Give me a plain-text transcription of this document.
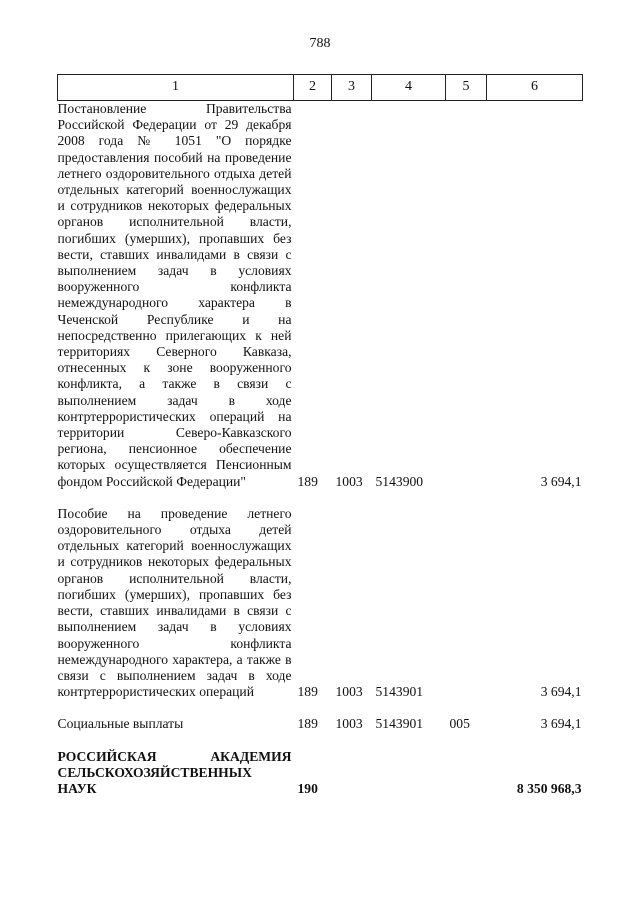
788
1	2	3	4	5	6
Постановление Правительства Российской Федерации от 29 декабря 2008 года № 1051 "О порядке предоставления пособий на проведение летнего оздоровительного отдыха детей отдельных категорий военнослужащих и сотрудников некоторых федеральных органов исполнительной власти, погибших (умерших), пропавших без вести, ставших инвалидами в связи с выполнением задач в условиях вооруженного конфликта немеждународного характера в Чеченской Республике и на непосредственно прилегающих к ней территориях Северного Кавказа, отнесенных к зоне вооруженного конфликта, а также в связи с выполнением задач в ходе контртеррористических операций на территории Северо-Кавказского региона, пенсионное обеспечение которых осуществляется Пенсионным фондом Российской Федерации"	189	1003	5143900		3 694,1

Пособие на проведение летнего оздоровительного отдыха детей отдельных категорий военнослужащих и сотрудников некоторых федеральных органов исполнительной власти, погибших (умерших), пропавших без вести, ставших инвалидами в связи с выполнением задач в условиях вооруженного конфликта немеждународного характера, а также в связи с выполнением задач в ходе контртеррористических операций	189	1003	5143901		3 694,1

Социальные выплаты	189	1003	5143901	005	3 694,1

РОССИЙСКАЯ АКАДЕМИЯ СЕЛЬСКОХОЗЯЙСТВЕННЫХ НАУК	190				8 350 968,3
